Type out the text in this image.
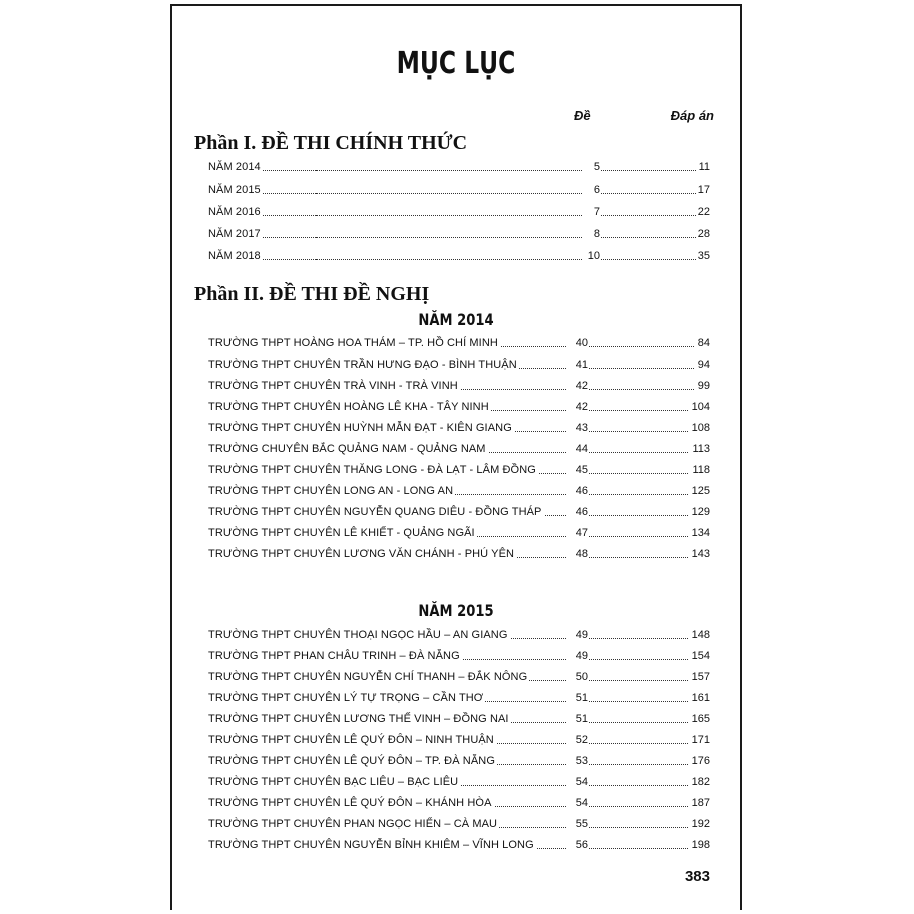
MỤC LỤC
Đề	Đáp án
Phần I. ĐỀ THI CHÍNH THỨC
NĂM 2014	5	11
NĂM 2015	6	17
NĂM 2016	7	22
NĂM 2017	8	28
NĂM 2018	10	35
Phần II. ĐỀ THI ĐỀ NGHỊ
NĂM 2014
TRƯỜNG THPT HOÀNG HOA THÁM – TP. HỒ CHÍ MINH	40	84
TRƯỜNG THPT CHUYÊN TRẦN HƯNG ĐẠO - BÌNH THUẬN	41	94
TRƯỜNG THPT CHUYÊN TRÀ VINH - TRÀ VINH	42	99
TRƯỜNG THPT CHUYÊN HOÀNG LÊ KHA - TÂY NINH	42	104
TRƯỜNG THPT CHUYÊN HUỲNH MẪN ĐẠT - KIÊN GIANG	43	108
TRƯỜNG CHUYÊN BẮC QUẢNG NAM - QUẢNG NAM	44	113
TRƯỜNG THPT CHUYÊN THĂNG LONG - ĐÀ LẠT - LÂM ĐỒNG	45	118
TRƯỜNG THPT CHUYÊN LONG AN - LONG AN	46	125
TRƯỜNG THPT CHUYÊN NGUYỄN QUANG DIÊU - ĐỒNG THÁP	46	129
TRƯỜNG THPT CHUYÊN LÊ KHIẾT - QUẢNG NGÃI	47	134
TRƯỜNG THPT CHUYÊN LƯƠNG VĂN CHÁNH - PHÚ YÊN	48	143
NĂM 2015
TRƯỜNG THPT CHUYÊN THOẠI NGỌC HẦU – AN GIANG	49	148
TRƯỜNG THPT PHAN CHÂU TRINH – ĐÀ NẴNG	49	154
TRƯỜNG THPT CHUYÊN NGUYỄN CHÍ THANH – ĐẮK NÔNG	50	157
TRƯỜNG THPT CHUYÊN LÝ TỰ TRỌNG – CẦN THƠ	51	161
TRƯỜNG THPT CHUYÊN LƯƠNG THẾ VINH – ĐỒNG NAI	51	165
TRƯỜNG THPT CHUYÊN LÊ QUÝ ĐÔN – NINH THUẬN	52	171
TRƯỜNG THPT CHUYÊN LÊ QUÝ ĐÔN – TP. ĐÀ NẴNG	53	176
TRƯỜNG THPT CHUYÊN BẠC LIÊU – BẠC LIÊU	54	182
TRƯỜNG THPT CHUYÊN LÊ QUÝ ĐÔN – KHÁNH HÒA	54	187
TRƯỜNG THPT CHUYÊN PHAN NGỌC HIỂN – CÀ MAU	55	192
TRƯỜNG THPT CHUYÊN NGUYỄN BỈNH KHIÊM – VĨNH LONG	56	198
383
